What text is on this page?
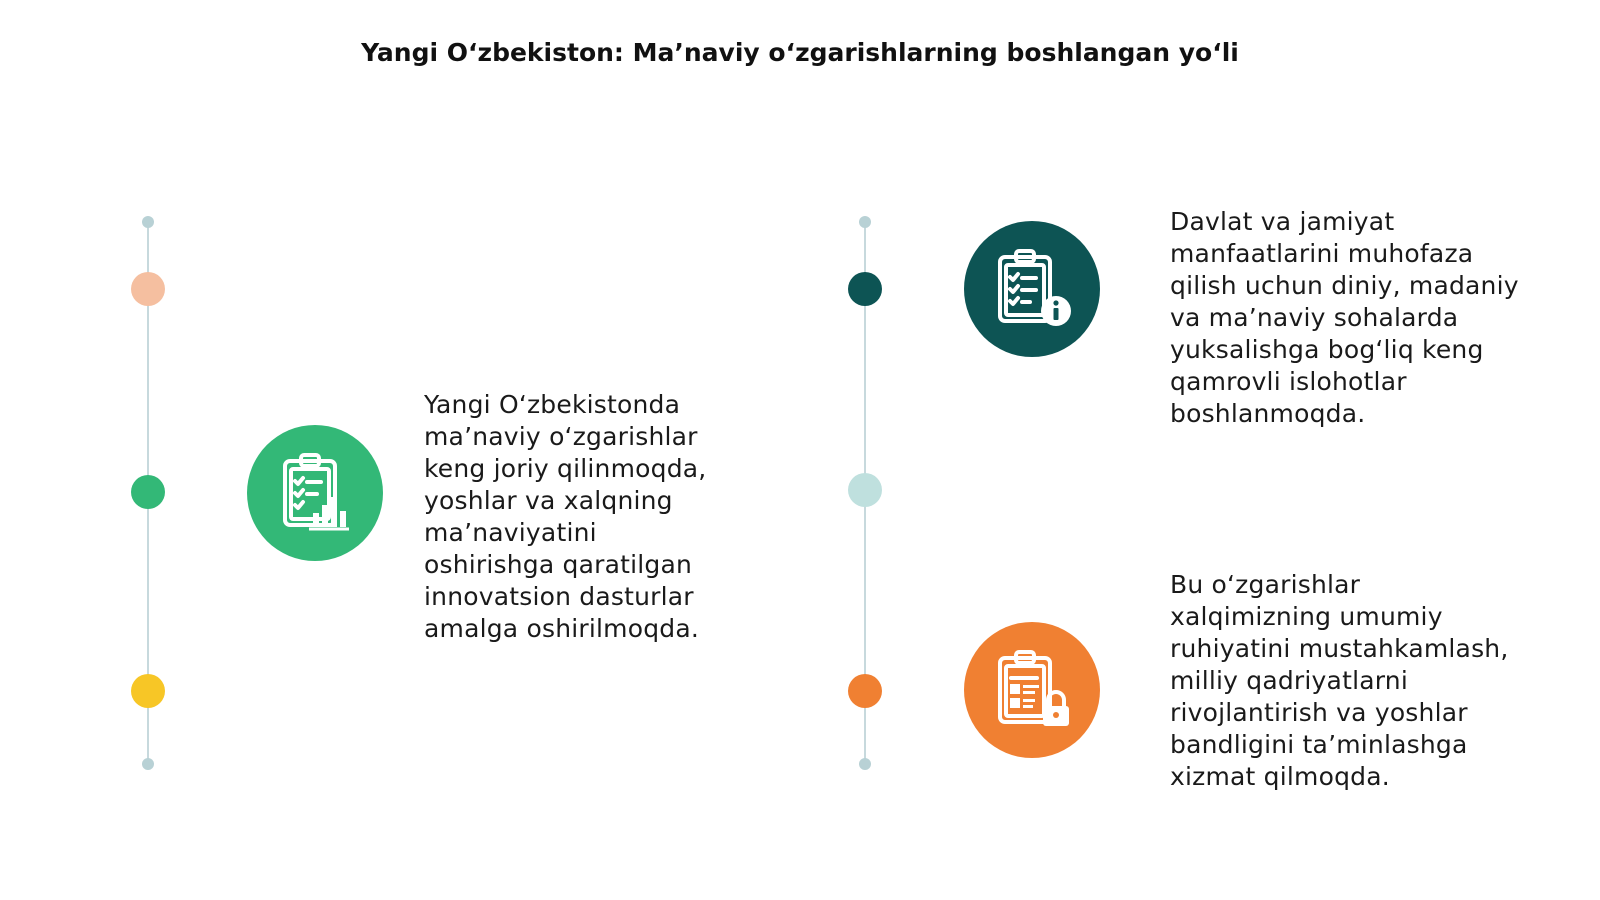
Yangi O‘zbekiston: Ma’naviy o‘zgarishlarning boshlangan yo‘li
Yangi O‘zbekistonda
ma’naviy o‘zgarishlar
keng joriy qilinmoqda,
yoshlar va xalqning
ma’naviyatini
oshirishga qaratilgan
innovatsion dasturlar
amalga oshirilmoqda.
Davlat va jamiyat
manfaatlarini muhofaza
qilish uchun diniy, madaniy
va ma’naviy sohalarda
yuksalishga bog‘liq keng
qamrovli islohotlar
boshlanmoqda.
Bu o‘zgarishlar
xalqimizning umumiy
ruhiyatini mustahkamlash,
milliy qadriyatlarni
rivojlantirish va yoshlar
bandligini ta’minlashga
xizmat qilmoqda.
